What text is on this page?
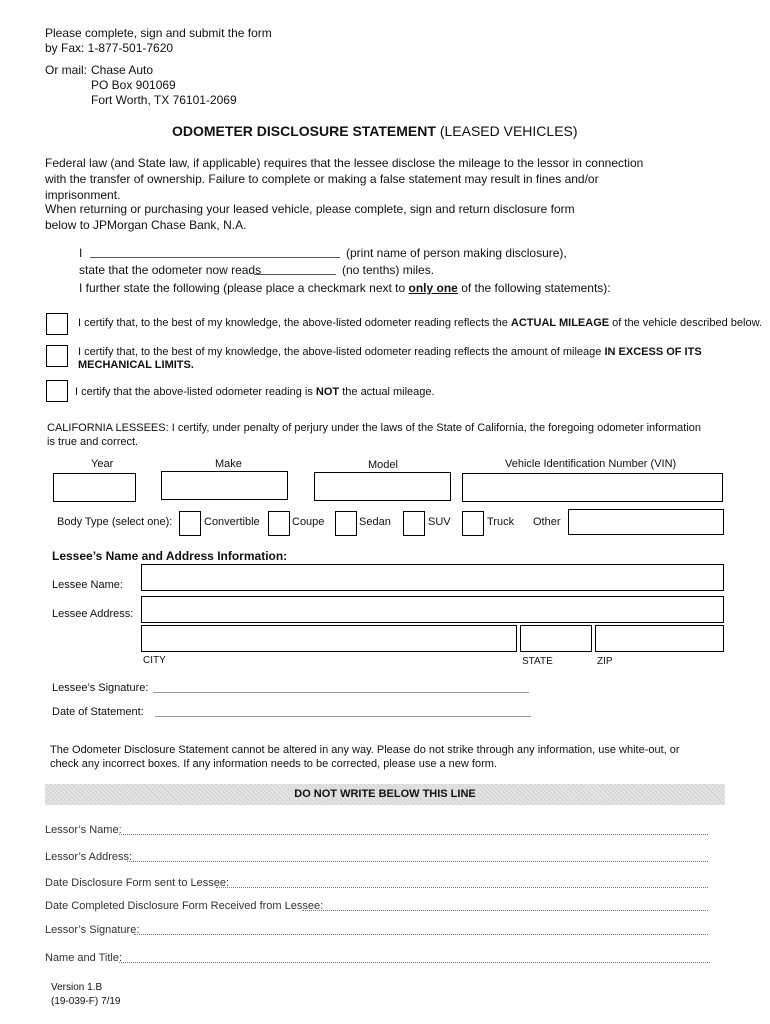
Please complete, sign and submit the form
by Fax: 1-877-501-7620
Or mail: Chase Auto
PO Box 901069
Fort Worth, TX 76101-2069
ODOMETER DISCLOSURE STATEMENT (LEASED VEHICLES)

Federal law (and State law, if applicable) requires that the lessee disclose the mileage to the lessor in connection with the transfer of ownership. Failure to complete or making a false statement may result in fines and/or imprisonment.

When returning or purchasing your leased vehicle, please complete, sign and return disclosure form below to JPMorgan Chase Bank, N.A.

I	(print name of person making disclosure),
state that the odometer now reads	(no tenths) miles.
I further state the following (please place a checkmark next to only one of the following statements):
I certify that, to the best of my knowledge, the above-listed odometer reading reflects the ACTUAL MILEAGE of the vehicle described below.
I certify that, to the best of my knowledge, the above-listed odometer reading reflects the amount of mileage IN EXCESS OF ITS MECHANICAL LIMITS.
I certify that the above-listed odometer reading is NOT the actual mileage.

CALIFORNIA LESSEES: I certify, under penalty of perjury under the laws of the State of California, the foregoing odometer information is true and correct.

Year	Make	Model	Vehicle Identification Number (VIN)
Body Type (select one):	Convertible	Coupe	Sedan	SUV	Truck Other
Lessee’s Name and Address Information:
Lessee Name:
Lessee Address:
CITY	STATE	ZIP
Lessee’s Signature:
Date of Statement:

The Odometer Disclosure Statement cannot be altered in any way. Please do not strike through any information, use white-out, or check any incorrect boxes. If any information needs to be corrected, please use a new form.

DO NOT WRITE BELOW THIS LINE
Lessor’s Name:
Lessor’s Address:
Date Disclosure Form sent to Lessee:
Date Completed Disclosure Form Received from Lessee:
Lessor’s Signature:
Name and Title:
Version 1.B
(19-039-F) 7/19
